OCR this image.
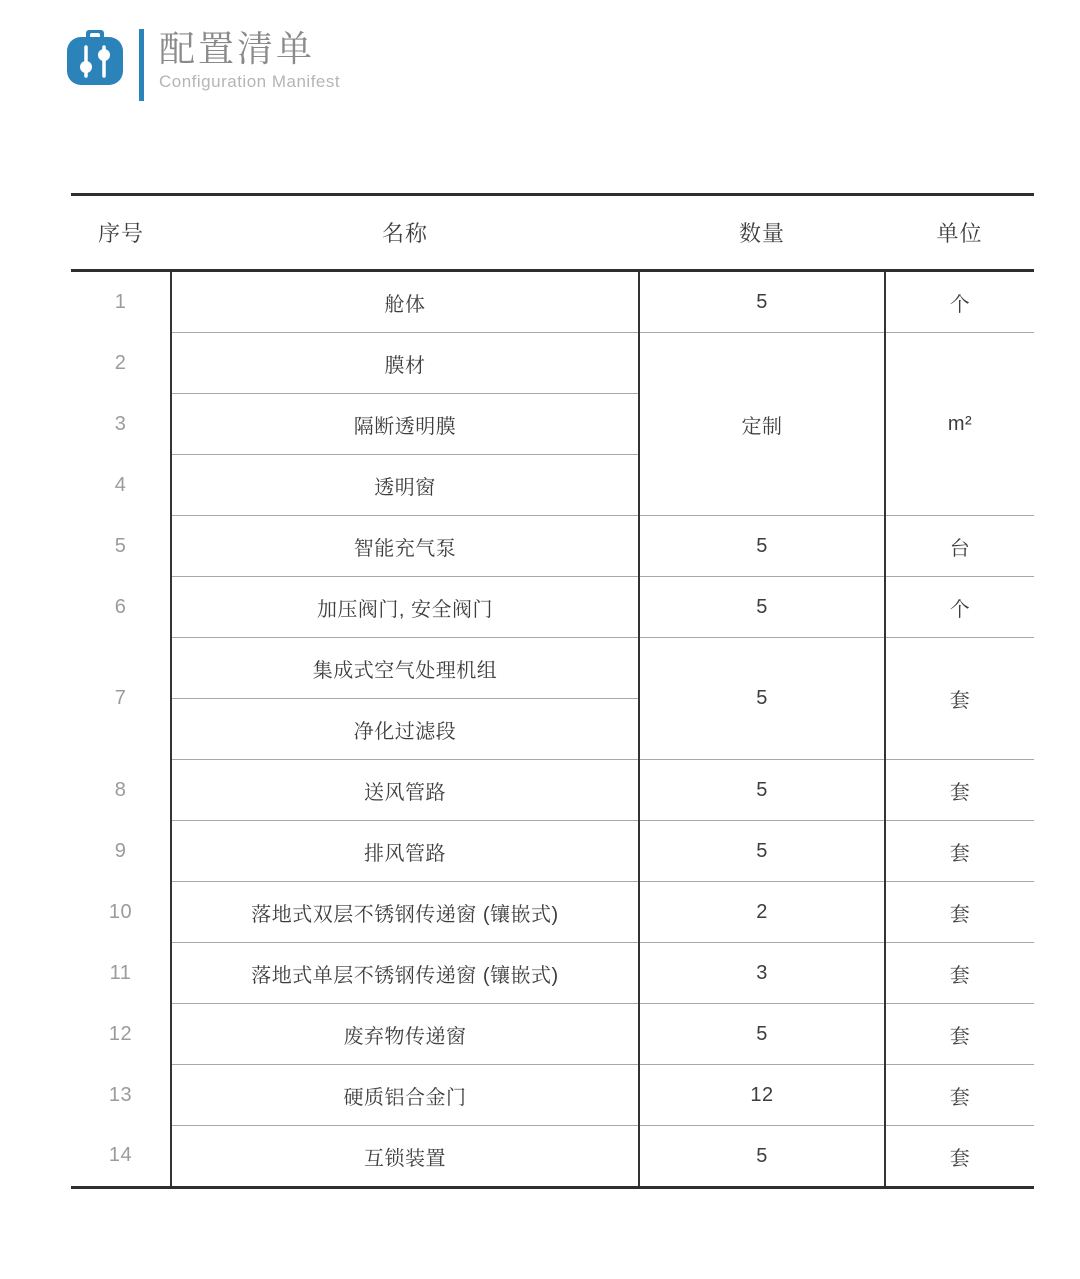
配置清单
Configuration Manifest
序号	名称	数量	单位
1	舱体	5	个
2	膜材	定制	m²
3	隔断透明膜		
4	透明窗		
5	智能充气泵	5	台
6	加压阀门, 安全阀门	5	个
7	集成式空气处理机组	5	套
	净化过滤段		
8	送风管路	5	套
9	排风管路	5	套
10	落地式双层不锈钢传递窗 (镶嵌式)	2	套
11	落地式单层不锈钢传递窗 (镶嵌式)	3	套
12	废弃物传递窗	5	套
13	硬质铝合金门	12	套
14	互锁装置	5	套
